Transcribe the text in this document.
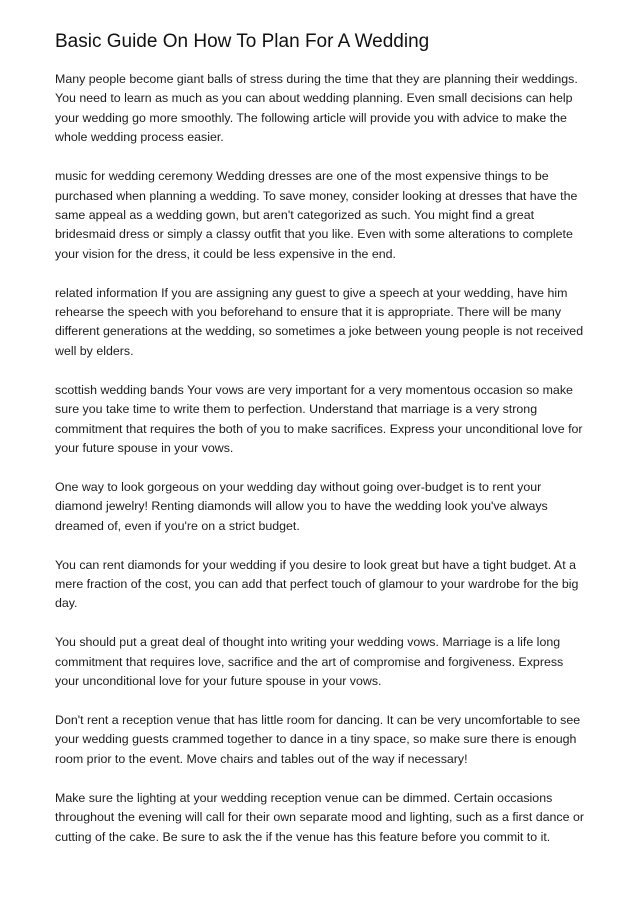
Basic Guide On How To Plan For A Wedding

Many people become giant balls of stress during the time that they are planning their weddings. You need to learn as much as you can about wedding planning. Even small decisions can help your wedding go more smoothly. The following article will provide you with advice to make the whole wedding process easier.

music for wedding ceremony Wedding dresses are one of the most expensive things to be purchased when planning a wedding. To save money, consider looking at dresses that have the same appeal as a wedding gown, but aren't categorized as such. You might find a great bridesmaid dress or simply a classy outfit that you like. Even with some alterations to complete your vision for the dress, it could be less expensive in the end.

related information If you are assigning any guest to give a speech at your wedding, have him rehearse the speech with you beforehand to ensure that it is appropriate. There will be many different generations at the wedding, so sometimes a joke between young people is not received well by elders.

scottish wedding bands Your vows are very important for a very momentous occasion so make sure you take time to write them to perfection. Understand that marriage is a very strong commitment that requires the both of you to make sacrifices. Express your unconditional love for your future spouse in your vows.

One way to look gorgeous on your wedding day without going over-budget is to rent your diamond jewelry! Renting diamonds will allow you to have the wedding look you've always dreamed of, even if you're on a strict budget.

You can rent diamonds for your wedding if you desire to look great but have a tight budget. At a mere fraction of the cost, you can add that perfect touch of glamour to your wardrobe for the big day.

You should put a great deal of thought into writing your wedding vows. Marriage is a life long commitment that requires love, sacrifice and the art of compromise and forgiveness. Express your unconditional love for your future spouse in your vows.

Don't rent a reception venue that has little room for dancing. It can be very uncomfortable to see your wedding guests crammed together to dance in a tiny space, so make sure there is enough room prior to the event. Move chairs and tables out of the way if necessary!

Make sure the lighting at your wedding reception venue can be dimmed. Certain occasions throughout the evening will call for their own separate mood and lighting, such as a first dance or cutting of the cake. Be sure to ask the if the venue has this feature before you commit to it.
